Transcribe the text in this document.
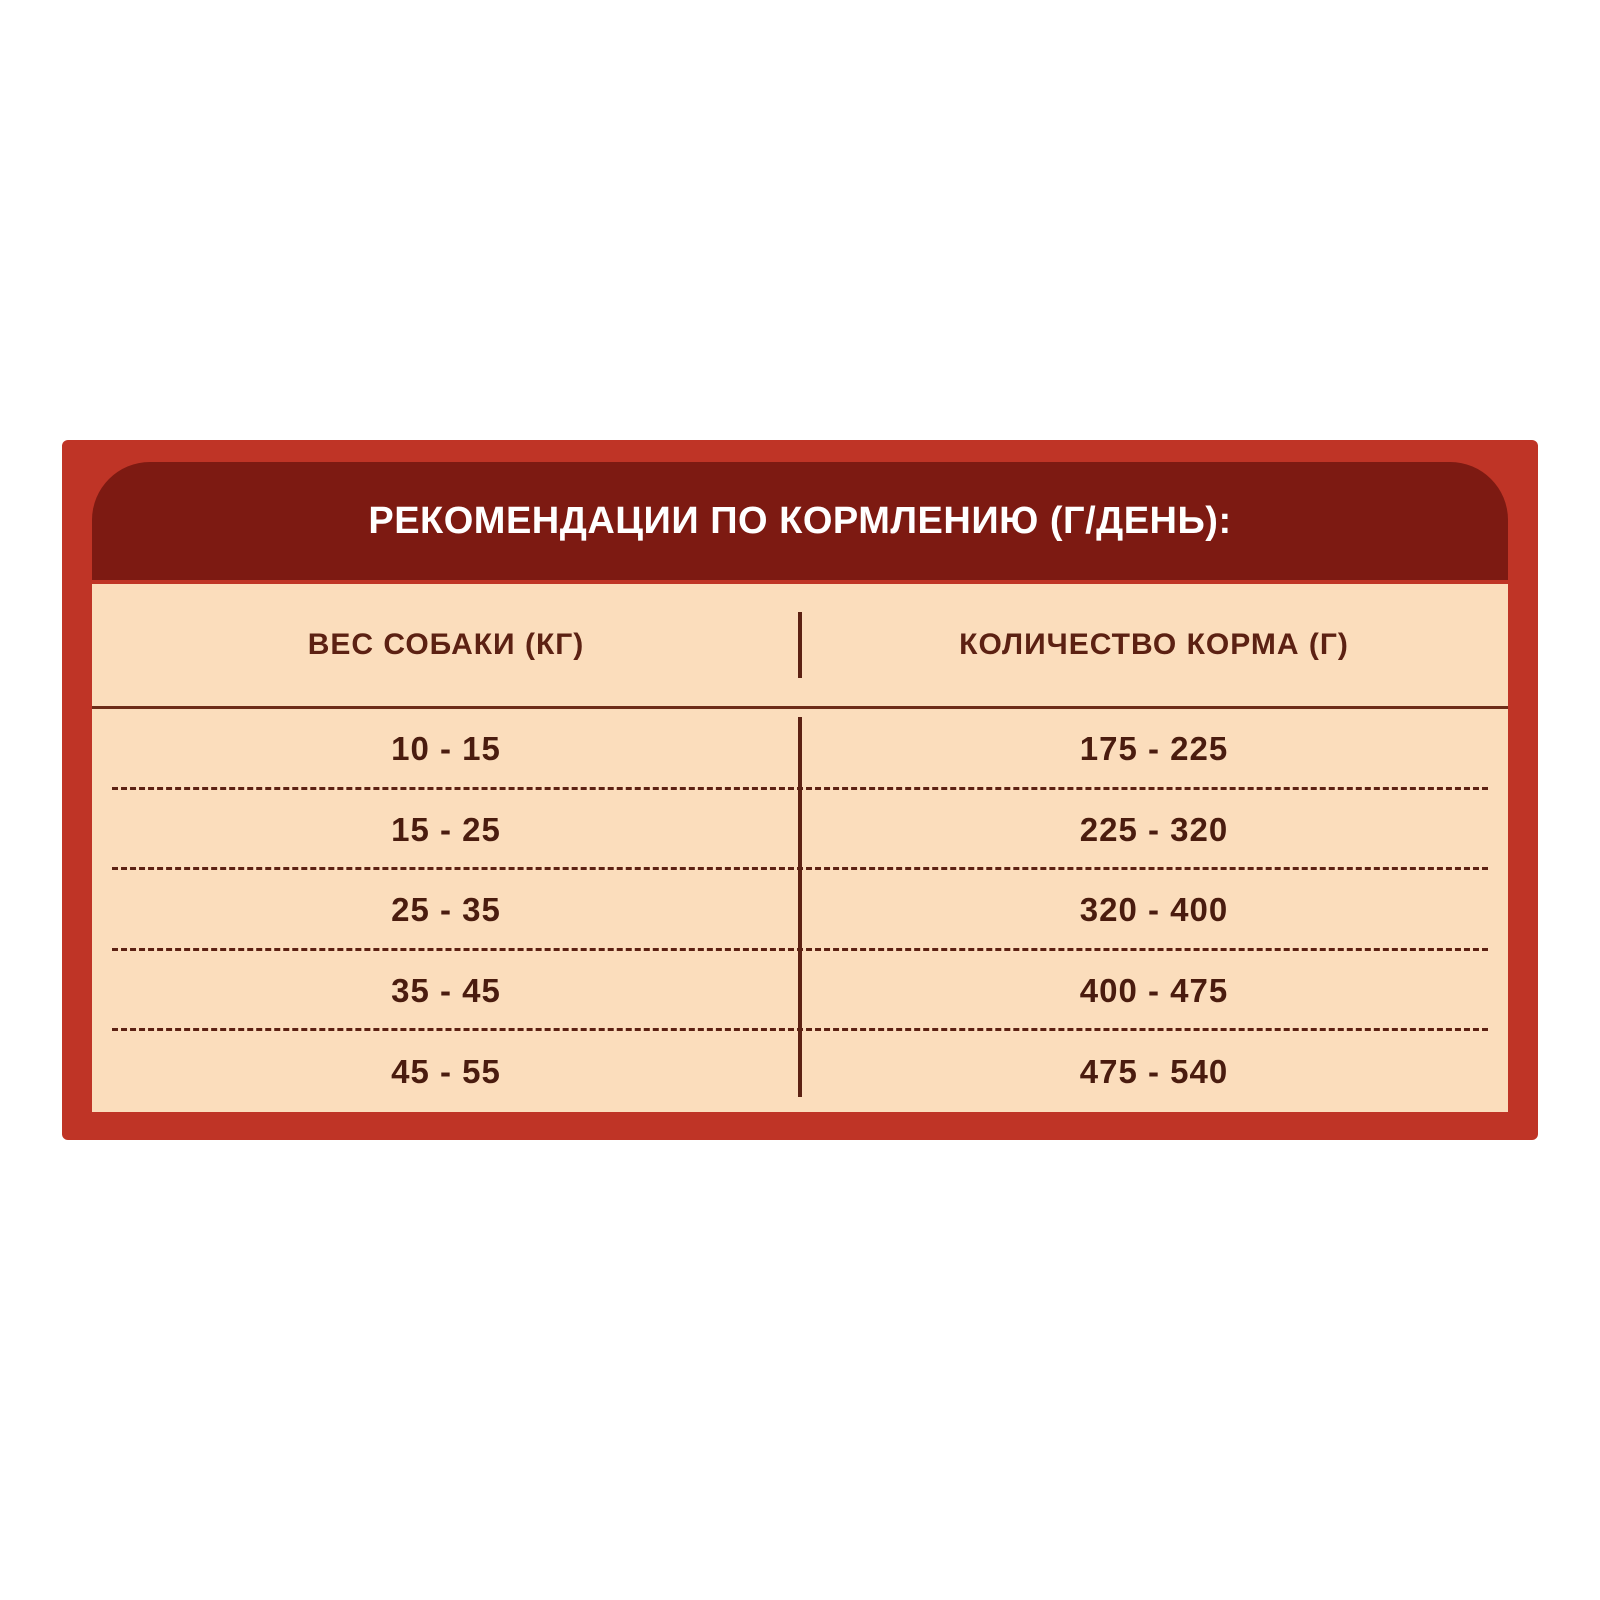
РЕКОМЕНДАЦИИ ПО КОРМЛЕНИЮ (Г/ДЕНЬ):
ВЕС СОБАКИ (КГ)	КОЛИЧЕСТВО КОРМА (Г)
10 - 15	175 - 225
15 - 25	225 - 320
25 - 35	320 - 400
35 - 45	400 - 475
45 - 55	475 - 540
